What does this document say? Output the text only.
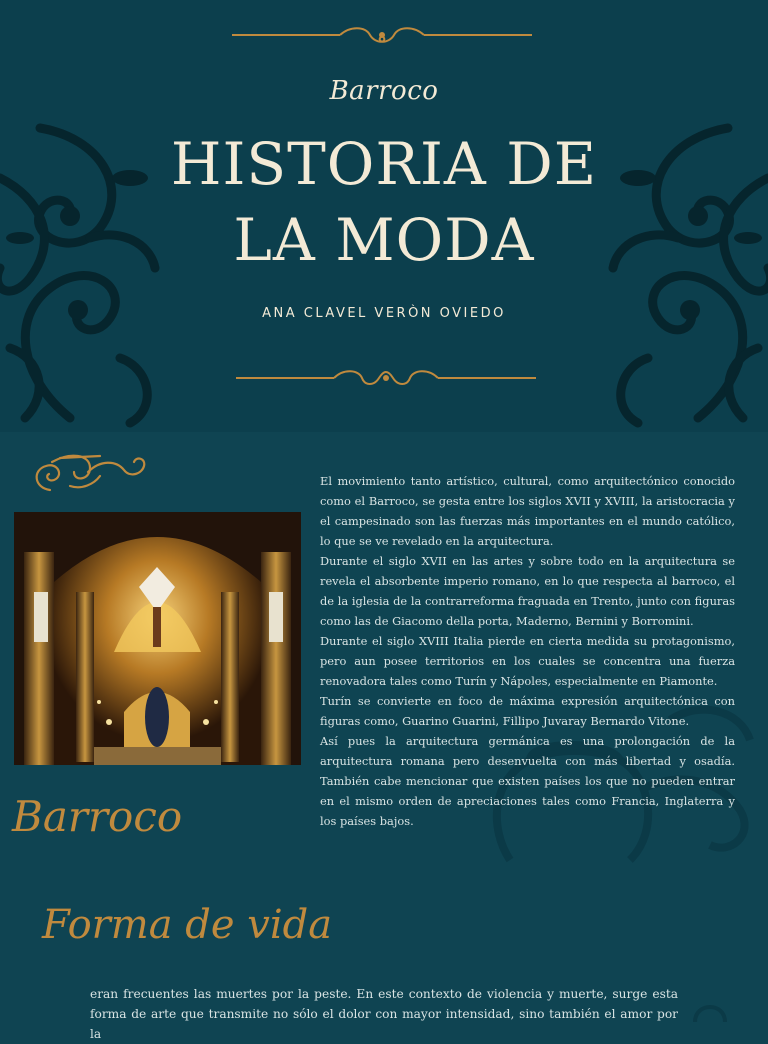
Barroco
HISTORIA DE LA MODA
ANA CLAVEL VERÒN OVIEDO

El movimiento tanto artístico, cultural, como arquitectónico conocido como el Barroco, se gesta entre los siglos XVII y XVIII, la aristocracia y el campesinado son las fuerzas más importantes en el mundo católico, lo que se ve revelado en la arquitectura.

Durante el siglo XVII en las artes y sobre todo en la arquitectura se revela el absorbente imperio romano, en lo que respecta al barroco, el de la iglesia de la contrarreforma fraguada en Trento, junto con figuras como las de Giacomo della porta, Maderno, Bernini y Borromini.

Durante el siglo XVIII Italia pierde en cierta medida su protagonismo, pero aun posee territorios en los cuales se concentra una fuerza renovadora tales como Turín y Nápoles, especialmente en Piamonte.

Turín se convierte en foco de máxima expresión arquitectónica con figuras como, Guarino Guarini, Fillipo Juvaray Bernardo Vitone.

Así pues la arquitectura germánica es una prolongación de la arquitectura romana pero desenvuelta con más libertad y osadía. También cabe mencionar que existen países los que no pueden entrar en el mismo orden de apreciaciones tales como Francia, Inglaterra y los países bajos.

Barroco
Forma de vida

eran frecuentes las muertes por la peste. En este contexto de violencia y muerte, surge esta forma de arte que transmite no sólo el dolor con mayor intensidad, sino también el amor por la
